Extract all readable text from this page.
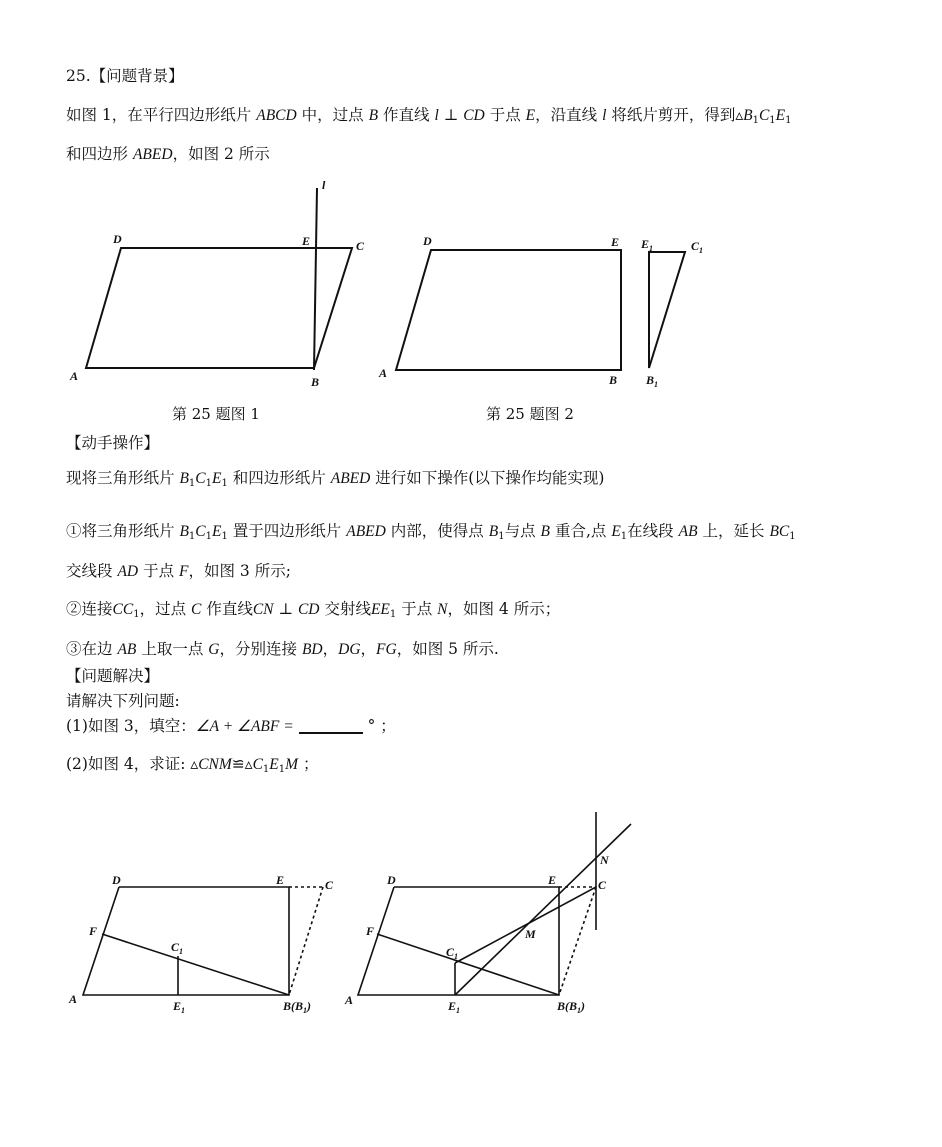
25.【问题背景】
如图 1，在平行四边形纸片 ABCD 中，过点 B 作直线 l ⊥ CD 于点 E，沿直线 l 将纸片剪开，得到$▵B_1C_1E_1$
和四边形 ABED，如图 2 所示
l
D	E	C
A	B
第 25 题图 1
D	E $E_1$	$C_1$
A	B $B_1$
第 25 题图 2
D	E	C
F
$C_1$
A	$E_1$	$B(B_1)$
D	E	C
N
M
F
$C_1$
A	$E_1$	$B(B_1)$
【动手操作】
现将三角形纸片 $B_1C_1E_1$ 和四边形纸片 ABED 进行如下操作(以下操作均能实现)
①将三角形纸片 $B_1C_1E_1$ 置于四边形纸片 ABED 内部，使得点 $B_1$与点 B 重合,点 $E_1$在线段 AB 上，延长 $BC_1$
交线段 AD 于点 F，如图 3 所示;
②连接$CC_1$，过点 C 作直线CN ⊥ CD 交射线$EE_1$ 于点 N，如图 4 所示；
③在边 AB 上取一点 G，分别连接 BD，DG，FG，如图 5 所示.
【问题解决】
请解决下列问题:
(1)如图 3，填空：∠A + ∠ABF =	° ；
(2)如图 4，求证: $▵CNM≌▵C_1E_1M$ ；
